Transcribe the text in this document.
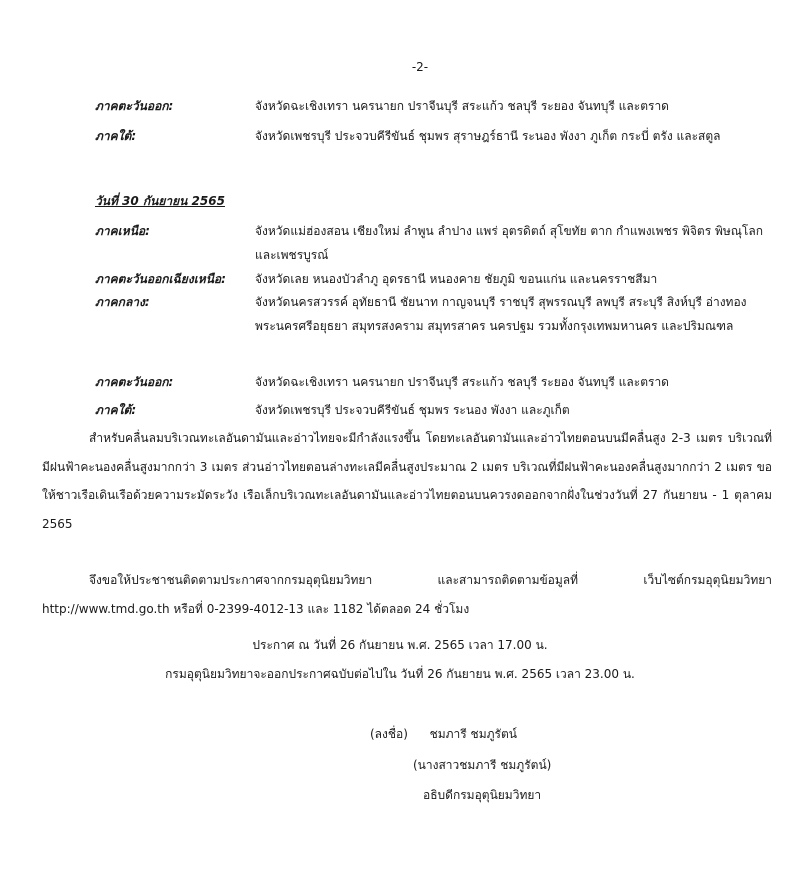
-2-
ภาคตะวันออก:	จังหวัดฉะเชิงเทรา นครนายก ปราจีนบุรี สระแก้ว ชลบุรี ระยอง จันทบุรี และตราด
ภาคใต้:	จังหวัดเพชรบุรี ประจวบคีรีขันธ์ ชุมพร สุราษฎร์ธานี ระนอง พังงา ภูเก็ต กระบี่ ตรัง และสตูล
วันที่ 30 กันยายน 2565
ภาคเหนือ:	จังหวัดแม่ฮ่องสอน เชียงใหม่ ลำพูน ลำปาง แพร่ อุตรดิตถ์ สุโขทัย ตาก กำแพงเพชร พิจิตร พิษณุโลก และเพชรบูรณ์
ภาคตะวันออกเฉียงเหนือ: จังหวัดเลย หนองบัวลำภู อุดรธานี หนองคาย ชัยภูมิ ขอนแก่น และนครราชสีมา
ภาคกลาง:	จังหวัดนครสวรรค์ อุทัยธานี ชัยนาท กาญจนบุรี ราชบุรี สุพรรณบุรี ลพบุรี สระบุรี สิงห์บุรี อ่างทอง พระนครศรีอยุธยา สมุทรสงคราม สมุทรสาคร นครปฐม รวมทั้งกรุงเทพมหานคร และปริมณฑล
ภาคตะวันออก:	จังหวัดฉะเชิงเทรา นครนายก ปราจีนบุรี สระแก้ว ชลบุรี ระยอง จันทบุรี และตราด
ภาคใต้:	จังหวัดเพชรบุรี ประจวบคีรีขันธ์ ชุมพร ระนอง พังงา และภูเก็ต

สำหรับคลื่นลมบริเวณทะเลอันดามันและอ่าวไทยจะมีกำลังแรงขึ้น โดยทะเลอันดามันและอ่าวไทยตอนบนมีคลื่นสูง 2-3 เมตร บริเวณที่มีฝนฟ้าคะนองคลื่นสูงมากกว่า 3 เมตร ส่วนอ่าวไทยตอนล่างทะเลมีคลื่นสูงประมาณ 2 เมตร บริเวณที่มีฝนฟ้าคะนองคลื่นสูงมากกว่า 2 เมตร ขอให้ชาวเรือเดินเรือด้วยความระมัดระวัง เรือเล็กบริเวณทะเลอันดามันและอ่าวไทยตอนบนควรงดออกจากฝั่งในช่วงวันที่ 27 กันยายน - 1 ตุลาคม 2565

จึงขอให้ประชาชนติดตามประกาศจากกรมอุตุนิยมวิทยา และสามารถติดตามข้อมูลที่ เว็บไซต์กรมอุตุนิยมวิทยา http://www.tmd.go.th หรือที่ 0-2399-4012-13 และ 1182 ได้ตลอด 24 ชั่วโมง

ประกาศ ณ วันที่ 26 กันยายน พ.ศ. 2565 เวลา 17.00 น.
กรมอุตุนิยมวิทยาจะออกประกาศฉบับต่อไปใน วันที่ 26 กันยายน พ.ศ. 2565 เวลา 23.00 น.
(ลงชื่อ) ชมภารี ชมภูรัตน์
(นางสาวชมภารี ชมภูรัตน์)
อธิบดีกรมอุตุนิยมวิทยา
